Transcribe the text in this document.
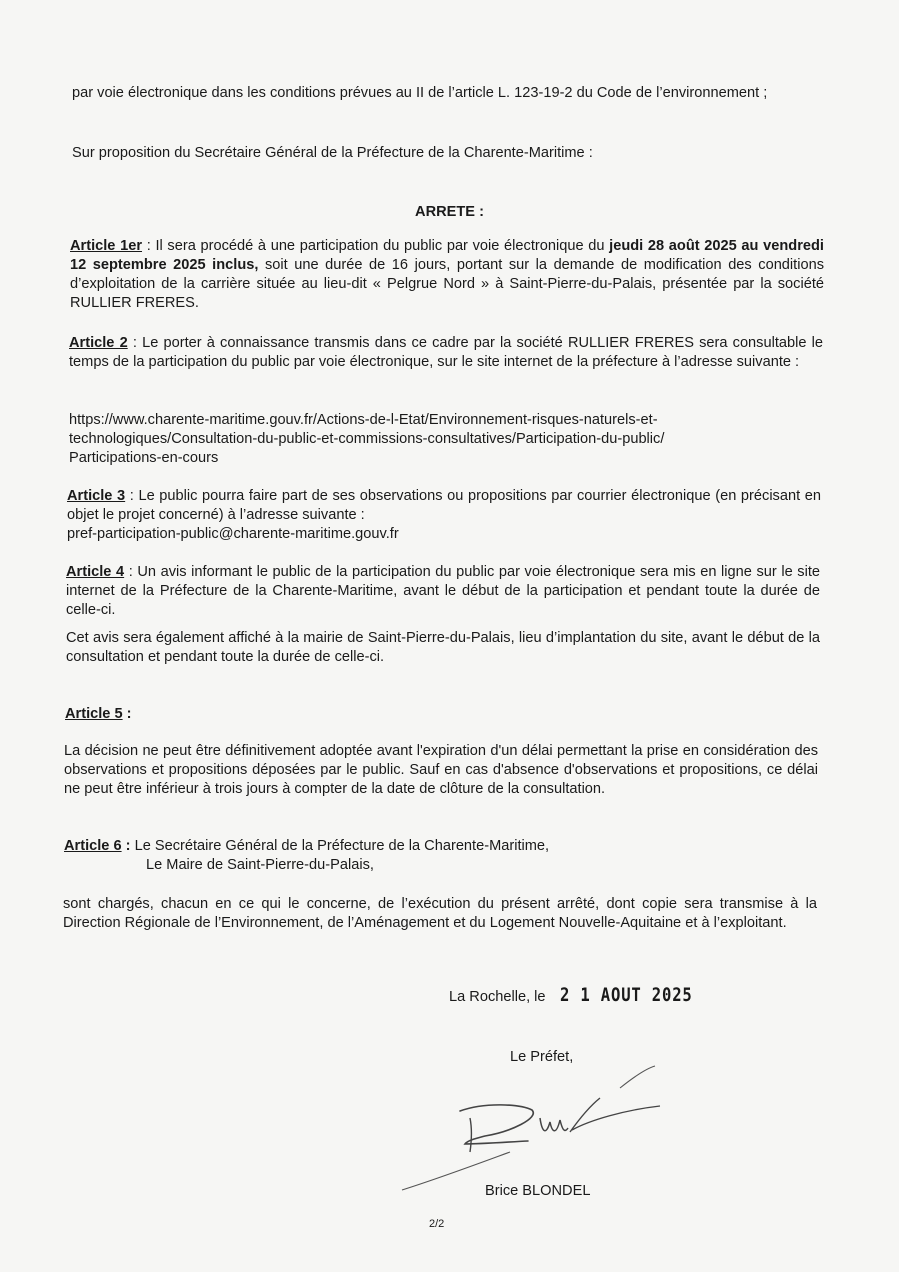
par voie électronique dans les conditions prévues au II de l’article L. 123-19-2 du Code de l’environnement ;
Sur proposition du Secrétaire Général de la Préfecture de la Charente-Maritime :
ARRETE :
Article 1er : Il sera procédé à une participation du public par voie électronique du jeudi 28 août 2025 au vendredi 12 septembre 2025 inclus, soit une durée de 16 jours, portant sur la demande de modification des conditions d’exploitation de la carrière située au lieu-dit « Pelgrue Nord » à Saint-Pierre-du-Palais, présentée par la société RULLIER FRERES.
Article 2 : Le porter à connaissance transmis dans ce cadre par la société RULLIER FRERES sera consultable le temps de la participation du public par voie électronique, sur le site internet de la préfecture à l’adresse suivante :
https://www.charente-maritime.gouv.fr/Actions-de-l-Etat/Environnement-risques-naturels-et-
technologiques/Consultation-du-public-et-commissions-consultatives/Participation-du-public/
Participations-en-cours
Article 3 : Le public pourra faire part de ses observations ou propositions par courrier électronique (en précisant en objet le projet concerné) à l’adresse suivante :
pref-participation-public@charente-maritime.gouv.fr
Article 4 : Un avis informant le public de la participation du public par voie électronique sera mis en ligne sur le site internet de la Préfecture de la Charente-Maritime, avant le début de la participation et pendant toute la durée de celle-ci.
Cet avis sera également affiché à la mairie de Saint-Pierre-du-Palais, lieu d’implantation du site, avant le début de la consultation et pendant toute la durée de celle-ci.
Article 5 :
La décision ne peut être définitivement adoptée avant l'expiration d'un délai permettant la prise en considération des observations et propositions déposées par le public. Sauf en cas d'absence d'observations et propositions, ce délai ne peut être inférieur à trois jours à compter de la date de clôture de la consultation.
Article 6 : Le Secrétaire Général de la Préfecture de la Charente-Maritime,
Le Maire de Saint-Pierre-du-Palais,
sont chargés, chacun en ce qui le concerne, de l’exécution du présent arrêté, dont copie sera transmise à la Direction Régionale de l’Environnement, de l’Aménagement et du Logement Nouvelle-Aquitaine et à l’exploitant.
La Rochelle, le 2 1 AOUT 2025
Le Préfet,
Brice BLONDEL
2/2
